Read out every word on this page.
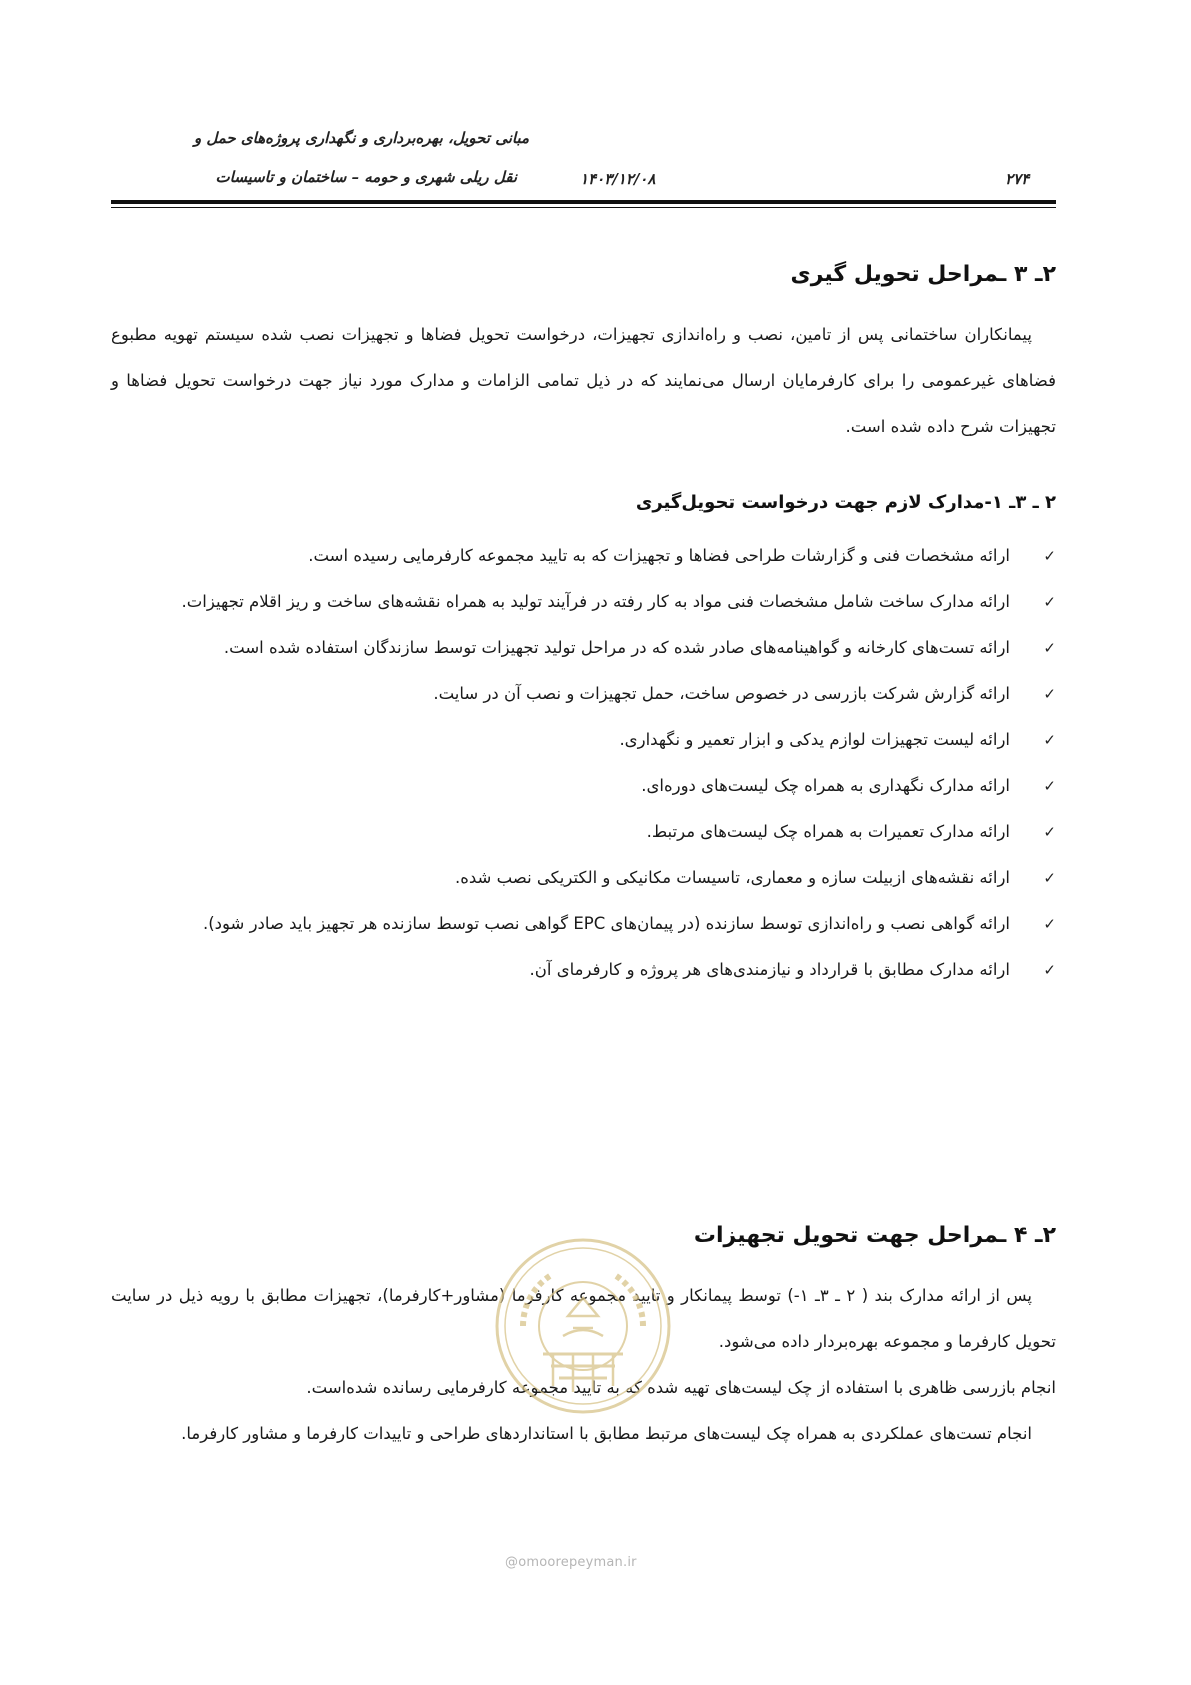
مبانی تحویل، بهره‌برداری و نگهداری پروژه‌های حمل و
نقل ریلی شهری و حومه – ساختمان و تاسیسات	۱۴۰۳/۱۲/۰۸	۲۷۴
۲ـ ۳ ـمراحل تحویل گیری

پیمانکاران ساختمانی پس از تامین، نصب و راه‌اندازی تجهیزات، درخواست تحویل فضاها و تجهیزات نصب شده سیستم تهویه مطبوع فضاهای غیرعمومی را برای کارفرمایان ارسال می‌نمایند که در ذیل تمامی الزامات و مدارک مورد نیاز جهت درخواست تحویل فضاها و تجهیزات شرح داده شده است.

۲ ـ ۳ـ ۱-مدارک لازم جهت درخواست تحویل‌گیری
✓
ارائه مشخصات فنی و گزارشات طراحی فضاها و تجهیزات که به تایید مجموعه کارفرمایی رسیده است.
✓
ارائه مدارک ساخت شامل مشخصات فنی مواد به کار رفته در فرآیند تولید به همراه نقشه‌های ساخت و ریز اقلام تجهیزات.
✓
ارائه تست‌های کارخانه و گواهینامه‌های صادر شده که در مراحل تولید تجهیزات توسط سازندگان استفاده شده است.
✓
ارائه گزارش شرکت بازرسی در خصوص ساخت، حمل تجهیزات و نصب آن در سایت.
✓
ارائه لیست تجهیزات لوازم یدکی و ابزار تعمیر و نگهداری.
✓
ارائه مدارک نگهداری به همراه چک لیست‌های دوره‌ای.
✓
ارائه مدارک تعمیرات به همراه چک لیست‌های مرتبط.
✓
ارائه نقشه‌های ازبیلت سازه و معماری، تاسیسات مکانیکی و الکتریکی نصب شده.
✓
ارائه گواهی نصب و راه‌اندازی توسط سازنده (در پیمان‌های EPC گواهی نصب توسط سازنده هر تجهیز باید صادر شود).
✓
ارائه مدارک مطابق با قرارداد و نیازمندی‌های هر پروژه و کارفرمای آن.
۲ـ ۴ ـمراحل جهت تحویل تجهیزات

پس از ارائه مدارک بند ( ۲ ـ ۳ـ ۱-) توسط پیمانکار و تایید مجموعه کارفرما (مشاور+کارفرما)، تجهیزات مطابق با رویه ذیل در سایت تحویل کارفرما و مجموعه بهره‌بردار داده می‌شود.

انجام بازرسی ظاهری با استفاده از چک لیست‌های تهیه شده که به تایید مجموعه کارفرمایی رسانده شده‌است.

انجام تست‌های عملکردی به همراه چک لیست‌های مرتبط مطابق با استانداردهای طراحی و تاییدات کارفرما و مشاور کارفرما.

@omoorepeyman.ir
